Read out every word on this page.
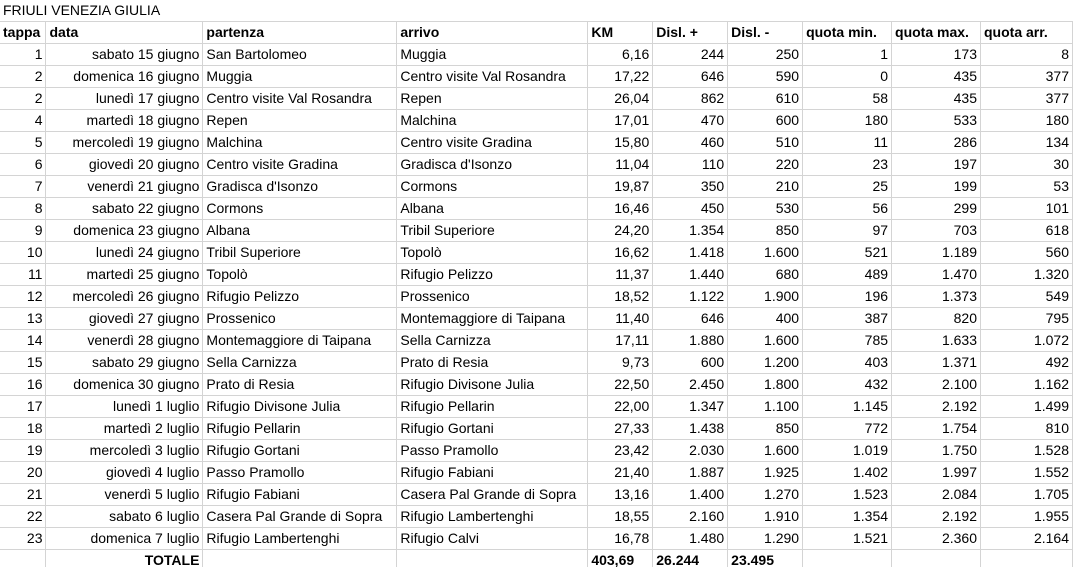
FRIULI VENEZIA GIULIA									
tappa	data	partenza	arrivo	KM	Disl. +	Disl. -	quota min.	quota max.	quota arr.
1	sabato 15 giugno	San Bartolomeo	Muggia	6,16	244	250	1	173	8
2	domenica 16 giugno	Muggia	Centro visite Val Rosandra	17,22	646	590	0	435	377
2	lunedì 17 giugno	Centro visite Val Rosandra	Repen	26,04	862	610	58	435	377
4	martedì 18 giugno	Repen	Malchina	17,01	470	600	180	533	180
5	mercoledì 19 giugno	Malchina	Centro visite Gradina	15,80	460	510	11	286	134
6	giovedì 20 giugno	Centro visite Gradina	Gradisca d'Isonzo	11,04	110	220	23	197	30
7	venerdì 21 giugno	Gradisca d'Isonzo	Cormons	19,87	350	210	25	199	53
8	sabato 22 giugno	Cormons	Albana	16,46	450	530	56	299	101
9	domenica 23 giugno	Albana	Tribil Superiore	24,20	1.354	850	97	703	618
10	lunedì 24 giugno	Tribil Superiore	Topolò	16,62	1.418	1.600	521	1.189	560
11	martedì 25 giugno	Topolò	Rifugio Pelizzo	11,37	1.440	680	489	1.470	1.320
12	mercoledì 26 giugno	Rifugio Pelizzo	Prossenico	18,52	1.122	1.900	196	1.373	549
13	giovedì 27 giugno	Prossenico	Montemaggiore di Taipana	11,40	646	400	387	820	795
14	venerdì 28 giugno	Montemaggiore di Taipana	Sella Carnizza	17,11	1.880	1.600	785	1.633	1.072
15	sabato 29 giugno	Sella Carnizza	Prato di Resia	9,73	600	1.200	403	1.371	492
16	domenica 30 giugno	Prato di Resia	Rifugio Divisone Julia	22,50	2.450	1.800	432	2.100	1.162
17	lunedì 1 luglio	Rifugio Divisone Julia	Rifugio Pellarin	22,00	1.347	1.100	1.145	2.192	1.499
18	martedì 2 luglio	Rifugio Pellarin	Rifugio Gortani	27,33	1.438	850	772	1.754	810
19	mercoledì 3 luglio	Rifugio Gortani	Passo Pramollo	23,42	2.030	1.600	1.019	1.750	1.528
20	giovedì 4 luglio	Passo Pramollo	Rifugio Fabiani	21,40	1.887	1.925	1.402	1.997	1.552
21	venerdì 5 luglio	Rifugio Fabiani	Casera Pal Grande di Sopra	13,16	1.400	1.270	1.523	2.084	1.705
22	sabato 6 luglio	Casera Pal Grande di Sopra	Rifugio Lambertenghi	18,55	2.160	1.910	1.354	2.192	1.955
23	domenica 7 luglio	Rifugio Lambertenghi	Rifugio Calvi	16,78	1.480	1.290	1.521	2.360	2.164
	TOTALE			403,69	26.244	23.495			
